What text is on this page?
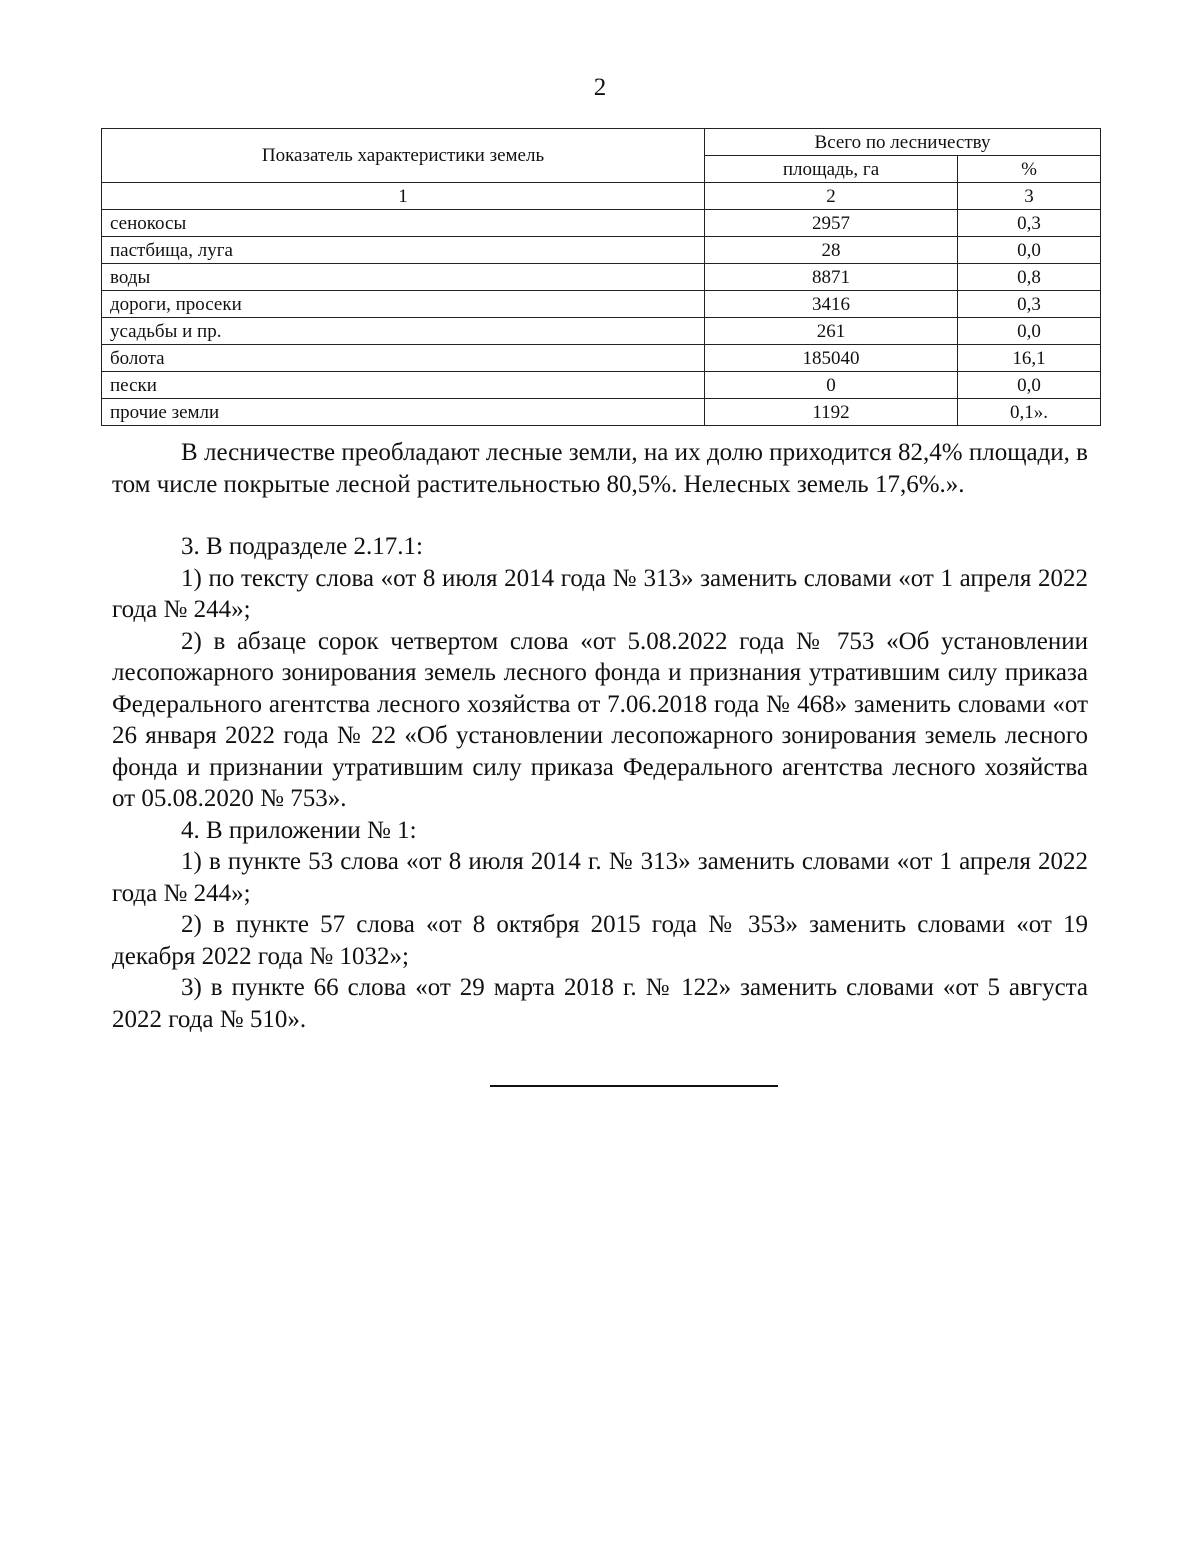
2
Показатель характеристики земель	Всего по лесничеству	
	площадь, га	%
1	2	3
сенокосы	2957	0,3
пастбища, луга	28	0,0
воды	8871	0,8
дороги, просеки	3416	0,3
усадьбы и пр.	261	0,0
болота	185040	16,1
пески	0	0,0
прочие земли	1192	0,1».

В лесничестве преобладают лесные земли, на их долю приходится 82,4% площади, в том числе покрытые лесной растительностью 80,5%. Нелесных земель 17,6%.».

3. В подразделе 2.17.1:

1) по тексту слова «от 8 июля 2014 года № 313» заменить словами «от 1 апреля 2022 года № 244»;

2) в абзаце сорок четвертом слова «от 5.08.2022 года № 753 «Об установлении лесопожарного зонирования земель лесного фонда и признания утратившим силу приказа Федерального агентства лесного хозяйства от 7.06.2018 года № 468» заменить словами «от 26 января 2022 года № 22 «Об установлении лесопожарного зонирования земель лесного фонда и признании утратившим силу приказа Федерального агентства лесного хозяйства от 05.08.2020 № 753».

4. В приложении № 1:

1) в пункте 53 слова «от 8 июля 2014 г. № 313» заменить словами «от 1 апреля 2022 года № 244»;

2) в пункте 57 слова «от 8 октября 2015 года № 353» заменить словами «от 19 декабря 2022 года № 1032»;

3) в пункте 66 слова «от 29 марта 2018 г. № 122» заменить словами «от 5 августа 2022 года № 510».
